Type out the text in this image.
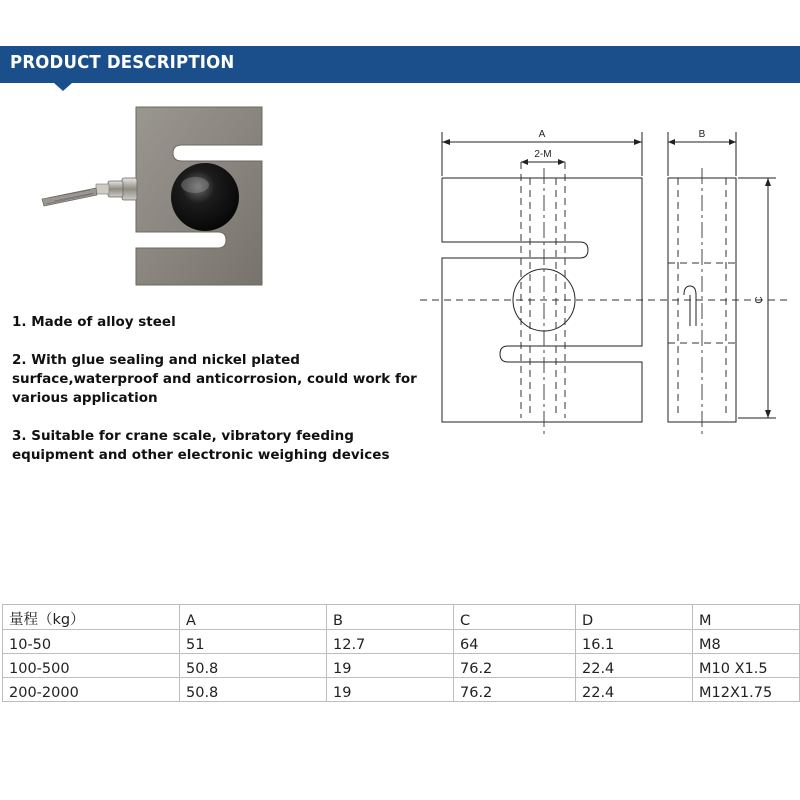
PRODUCT DESCRIPTION
1. Made of alloy steel
2. With glue sealing and nickel plated surface,waterproof and anticorrosion, could work for various application
3. Suitable for crane scale, vibratory feeding equipment and other electronic weighing devices
A
2-M
B
C
量程（kg）	A	B	C	D	M
10-50	51	12.7	64	16.1	M8
100-500	50.8	19	76.2	22.4	M10 X1.5
200-2000	50.8	19	76.2	22.4	M12X1.75
